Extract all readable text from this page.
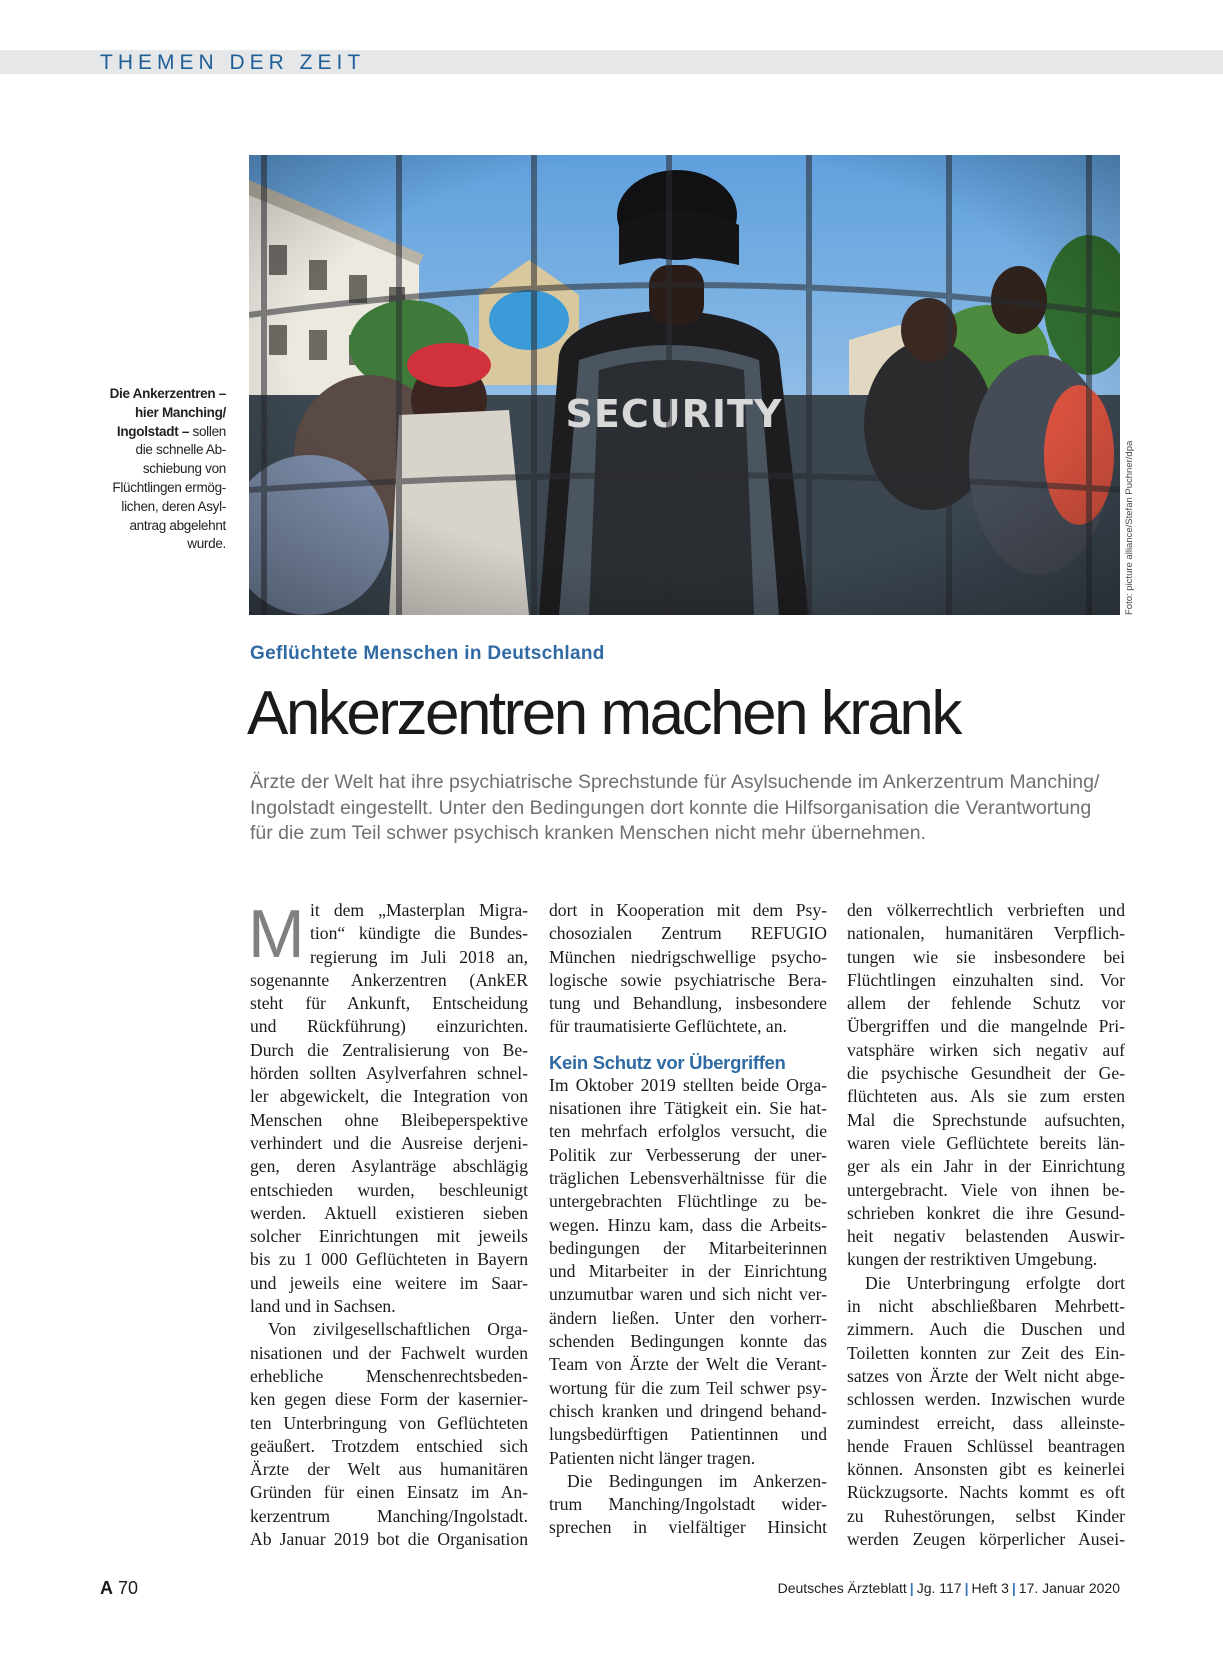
THEMEN DER ZEIT
Foto: picture alliance/Stefan Puchner/dpa
Die Ankerzentren –
hier Manching/
Ingolstadt – sollen
die schnelle Ab-
schiebung von
Flüchtlingen ermög-
lichen, deren Asyl-
antrag abgelehnt
wurde.
Geflüchtete Menschen in Deutschland
Ankerzentren machen krank
Ärzte der Welt hat ihre psychiatrische Sprechstunde für Asylsuchende im Ankerzentrum Manching/
Ingolstadt eingestellt. Unter den Bedingungen dort konnte die Hilfsorganisation die Verantwortung
für die zum Teil schwer psychisch kranken Menschen nicht mehr übernehmen.
M it dem „Masterplan Migra-
tion“ kündigte die Bundes-
regierung im Juli 2018 an,
sogenannte Ankerzentren (AnkER
steht für Ankunft, Entscheidung
und Rückführung) einzurichten.
Durch die Zentralisierung von Be-
hörden sollten Asylverfahren schnel-
ler abgewickelt, die Integration von
Menschen ohne Bleibeperspektive
verhindert und die Ausreise derjeni-
gen, deren Asylanträge abschlägig
entschieden wurden, beschleunigt
werden. Aktuell existieren sieben
solcher Einrichtungen mit jeweils
bis zu 1 000 Geflüchteten in Bayern
und jeweils eine weitere im Saar-
land und in Sachsen.
Von zivilgesellschaftlichen Orga-
nisationen und der Fachwelt wurden
erhebliche Menschenrechtsbeden-
ken gegen diese Form der kasernier-
ten Unterbringung von Geflüchteten
geäußert. Trotzdem entschied sich
Ärzte der Welt aus humanitären
Gründen für einen Einsatz im An-
kerzentrum Manching/Ingolstadt.
Ab Januar 2019 bot die Organisation
dort in Kooperation mit dem Psy-
chosozialen Zentrum REFUGIO
München niedrigschwellige psycho-
logische sowie psychiatrische Bera-
tung und Behandlung, insbesondere
für traumatisierte Geflüchtete, an.
Kein Schutz vor Übergriffen
Im Oktober 2019 stellten beide Orga-
nisationen ihre Tätigkeit ein. Sie hat-
ten mehrfach erfolglos versucht, die
Politik zur Verbesserung der uner-
träglichen Lebensverhältnisse für die
untergebrachten Flüchtlinge zu be-
wegen. Hinzu kam, dass die Arbeits-
bedingungen der Mitarbeiterinnen
und Mitarbeiter in der Einrichtung
unzumutbar waren und sich nicht ver-
ändern ließen. Unter den vorherr-
schenden Bedingungen konnte das
Team von Ärzte der Welt die Verant-
wortung für die zum Teil schwer psy-
chisch kranken und dringend behand-
lungsbedürftigen Patientinnen und
Patienten nicht länger tragen.
Die Bedingungen im Ankerzen-
trum Manching/Ingolstadt wider-
sprechen in vielfältiger Hinsicht
den völkerrechtlich verbrieften und
nationalen, humanitären Verpflich-
tungen wie sie insbesondere bei
Flüchtlingen einzuhalten sind. Vor
allem der fehlende Schutz vor
Übergriffen und die mangelnde Pri-
vatsphäre wirken sich negativ auf
die psychische Gesundheit der Ge-
flüchteten aus. Als sie zum ersten
Mal die Sprechstunde aufsuchten,
waren viele Geflüchtete bereits län-
ger als ein Jahr in der Einrichtung
untergebracht. Viele von ihnen be-
schrieben konkret die ihre Gesund-
heit negativ belastenden Auswir-
kungen der restriktiven Umgebung.
Die Unterbringung erfolgte dort
in nicht abschließbaren Mehrbett-
zimmern. Auch die Duschen und
Toiletten konnten zur Zeit des Ein-
satzes von Ärzte der Welt nicht abge-
schlossen werden. Inzwischen wurde
zumindest erreicht, dass alleinste-
hende Frauen Schlüssel beantragen
können. Ansonsten gibt es keinerlei
Rückzugsorte. Nachts kommt es oft
zu Ruhestörungen, selbst Kinder
werden Zeugen körperlicher Ausei-
A 70	Deutsches Ärzteblatt | Jg. 117 | Heft 3 | 17. Januar 2020
